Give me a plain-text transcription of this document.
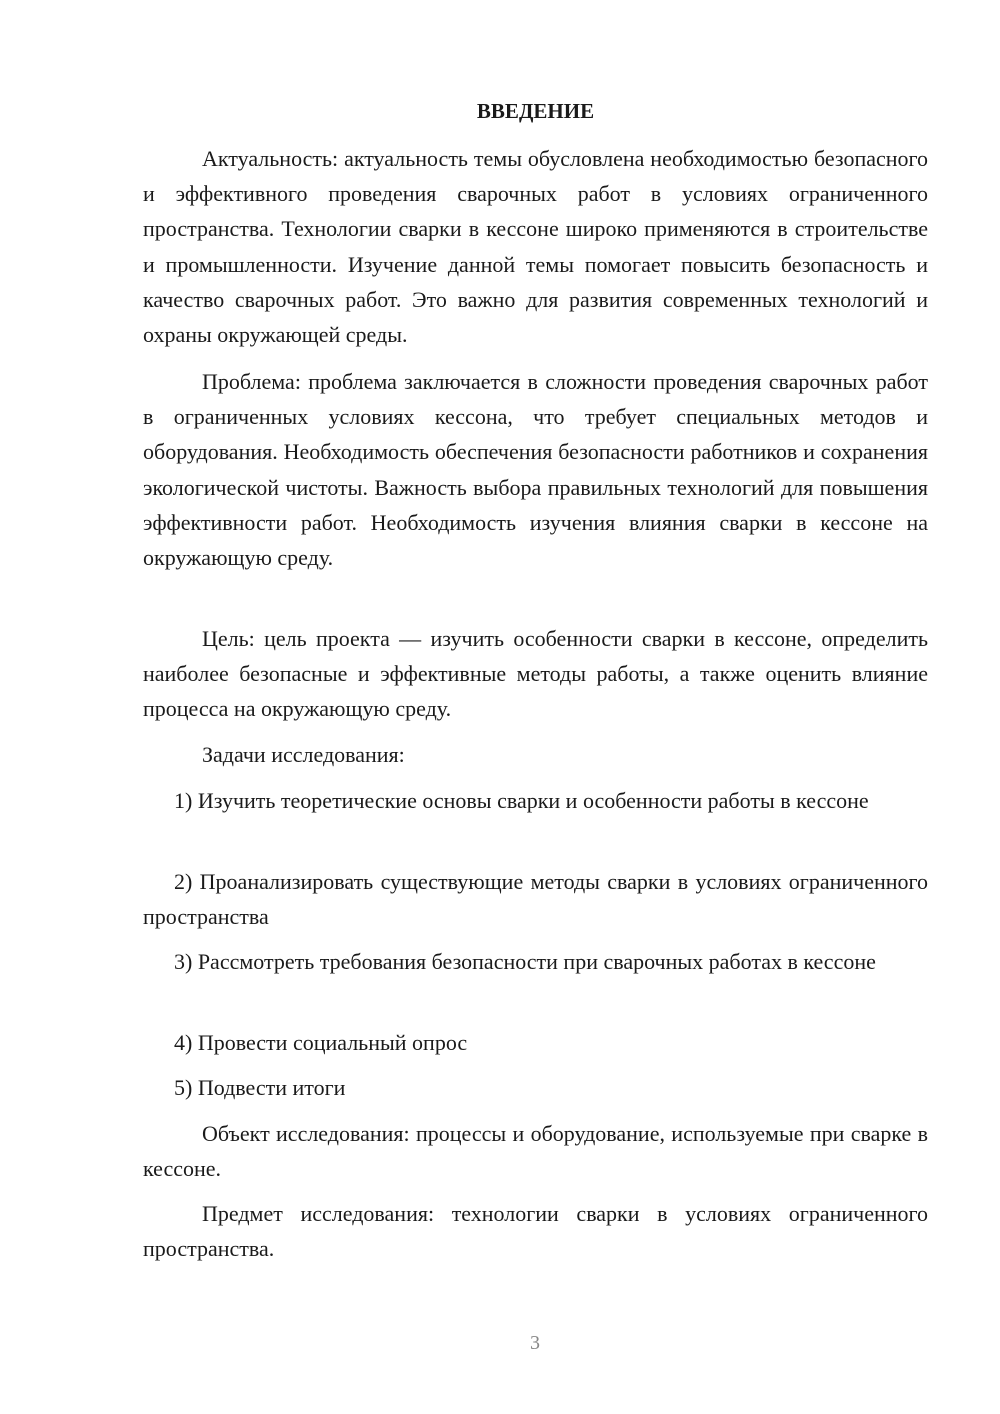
ВВЕДЕНИЕ

Актуальность: актуальность темы обусловлена необходимостью безопасного и эффективного проведения сварочных работ в условиях ограниченного пространства. Технологии сварки в кессоне широко применяются в строительстве и промышленности. Изучение данной темы помогает повысить безопасность и качество сварочных работ. Это важно для развития современных технологий и охраны окружающей среды.

Проблема: проблема заключается в сложности проведения сварочных работ в ограниченных условиях кессона, что требует специальных методов и оборудования. Необходимость обеспечения безопасности работников и сохранения экологической чистоты. Важность выбора правильных технологий для повышения эффективности работ. Необходимость изучения влияния сварки в кессоне на окружающую среду.

Цель: цель проекта — изучить особенности сварки в кессоне, определить наиболее безопасные и эффективные методы работы, а также оценить влияние процесса на окружающую среду.

Задачи исследования:

1) Изучить теоретические основы сварки и особенности работы в кессоне

2) Проанализировать существующие методы сварки в условиях ограниченного пространства

3) Рассмотреть требования безопасности при сварочных работах в кессоне

4) Провести социальный опрос

5) Подвести итоги

Объект исследования: процессы и оборудование, используемые при сварке в кессоне.

Предмет исследования: технологии сварки в условиях ограниченного пространства.

3
